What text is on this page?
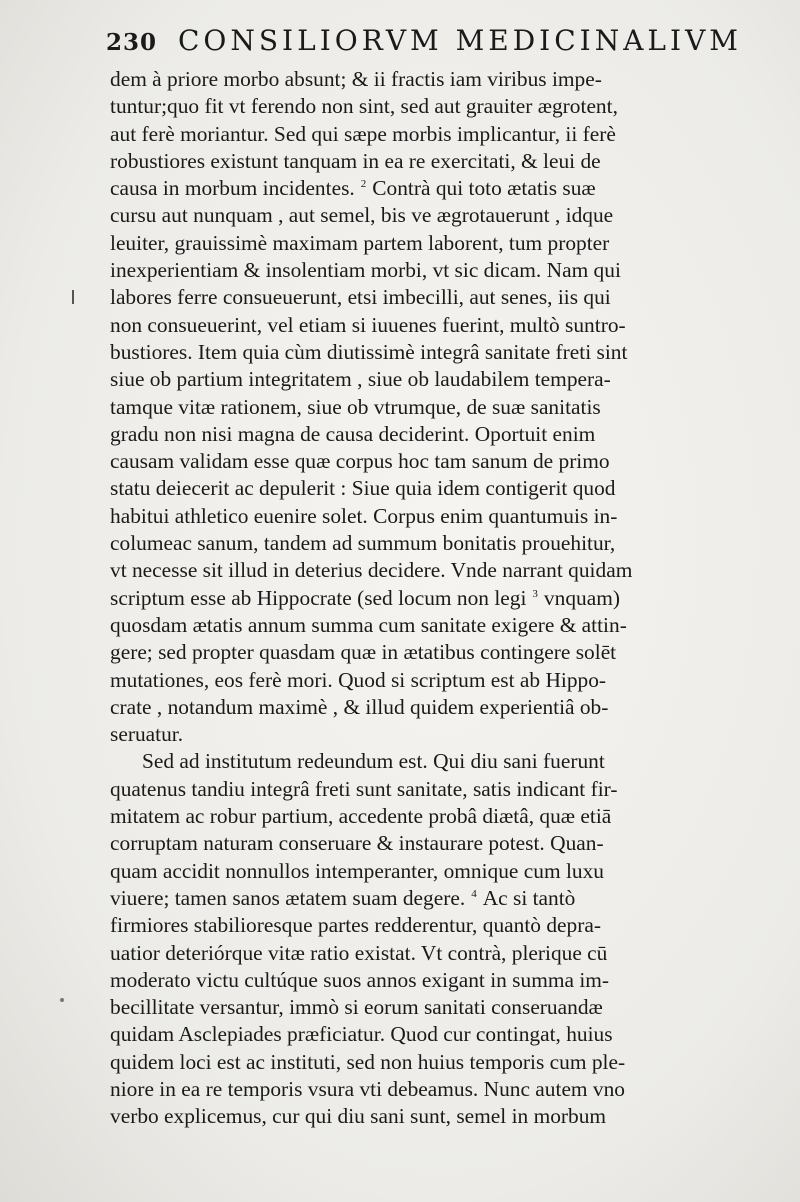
230 CONSILIORVM MEDICINALIVM
dem à priore morbo absunt; & ii fractis iam viribus impe-
tuntur;quo fit vt ferendo non sint, sed aut grauiter ægrotent,
aut ferè moriantur. Sed qui sæpe morbis implicantur, ii ferè
robustiores existunt tanquam in ea re exercitati, & leui de
causa in morbum incidentes. $^2$ Contrà qui toto ætatis suæ
cursu aut nunquam , aut semel, bis ve ægrotauerunt , idque
leuiter, grauissimè maximam partem laborent, tum propter
inexperientiam & insolentiam morbi, vt sic dicam. Nam qui
labores ferre consueuerunt, etsi imbecilli, aut senes, iis qui
non consueuerint, vel etiam si iuuenes fuerint, multò suntro-
bustiores. Item quia cùm diutissimè integrâ sanitate freti sint
siue ob partium integritatem , siue ob laudabilem tempera-
tamque vitæ rationem, siue ob vtrumque, de suæ sanitatis
gradu non nisi magna de causa deciderint. Oportuit enim
causam validam esse quæ corpus hoc tam sanum de primo
statu deiecerit ac depulerit : Siue quia idem contigerit quod
habitui athletico euenire solet. Corpus enim quantumuis in-
columeac sanum, tandem ad summum bonitatis prouehitur,
vt necesse sit illud in deterius decidere. Vnde narrant quidam
scriptum esse ab Hippocrate (sed locum non legi $^3$ vnquam)
quosdam ætatis annum summa cum sanitate exigere & attin-
gere; sed propter quasdam quæ in ætatibus contingere solēt
mutationes, eos ferè mori. Quod si scriptum est ab Hippo-
crate , notandum maximè , & illud quidem experientiâ ob-
seruatur.
Sed ad institutum redeundum est. Qui diu sani fuerunt
quatenus tandiu integrâ freti sunt sanitate, satis indicant fir-
mitatem ac robur partium, accedente probâ diætâ, quæ etiā
corruptam naturam conseruare & instaurare potest. Quan-
quam accidit nonnullos intemperanter, omnique cum luxu
viuere; tamen sanos ætatem suam degere. $^4$ Ac si tantò
firmiores stabilioresque partes redderentur, quantò depra-
uatior deteriórque vitæ ratio existat. Vt contrà, plerique cū
moderato victu cultúque suos annos exigant in summa im-
becillitate versantur, immò si eorum sanitati conseruandæ
quidam Asclepiades præficiatur. Quod cur contingat, huius
quidem loci est ac instituti, sed non huius temporis cum ple-
niore in ea re temporis vsura vti debeamus. Nunc autem vno
verbo explicemus, cur qui diu sani sunt, semel in morbum
